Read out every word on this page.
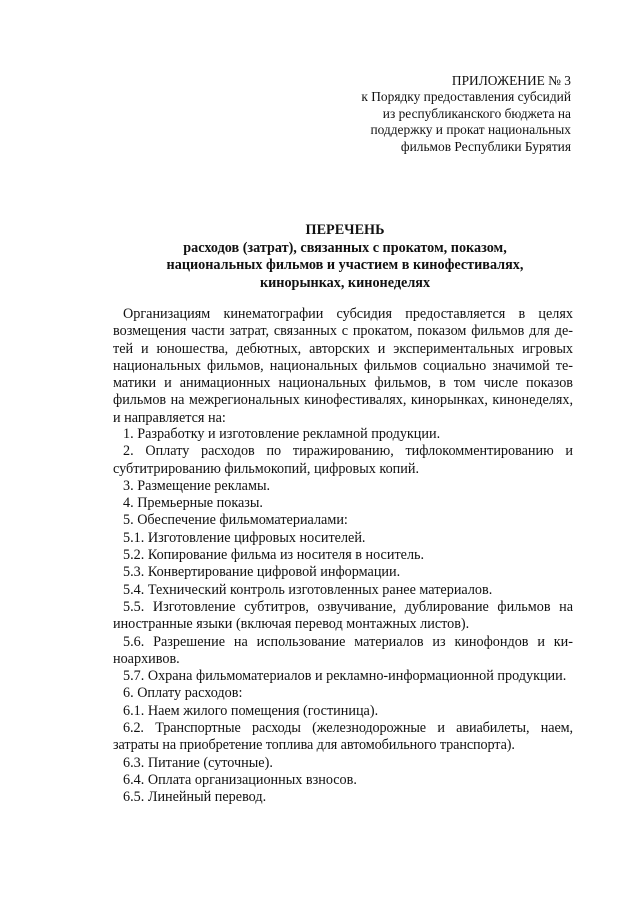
ПРИЛОЖЕНИЕ № 3
к Порядку предоставления субсидий
из республиканского бюджета на
поддержку и прокат национальных
фильмов Республики Бурятия
ПЕРЕЧЕНЬ
расходов (затрат), связанных с прокатом, показом,
национальных фильмов и участием в кинофестивалях,
кинорынках, кинонеделях
Организациям кинематографии субсидия предоставляется в целях возмещения части затрат, связанных с прокатом, показом фильмов для детей и юношества, дебютных, авторских и экспериментальных игровых национальных фильмов, национальных фильмов социально значимой тематики и анимационных национальных фильмов, в том числе показов фильмов на межрегиональных кинофестивалях, кинорынках, кинонеделях, и направляется на:
1. Разработку и изготовление рекламной продукции.
2. Оплату расходов по тиражированию, тифлокомментированию и субтитрированию фильмокопий, цифровых копий.
3. Размещение рекламы.
4. Премьерные показы.
5. Обеспечение фильмоматериалами:
5.1. Изготовление цифровых носителей.
5.2. Копирование фильма из носителя в носитель.
5.3. Конвертирование цифровой информации.
5.4. Технический контроль изготовленных ранее материалов.
5.5. Изготовление субтитров, озвучивание, дублирование фильмов на иностранные языки (включая перевод монтажных листов).
5.6. Разрешение на использование материалов из кинофондов и киноархивов.
5.7. Охрана фильмоматериалов и рекламно-информационной продукции.
6. Оплату расходов:
6.1. Наем жилого помещения (гостиница).
6.2. Транспортные расходы (железнодорожные и авиабилеты, наем, затраты на приобретение топлива для автомобильного транспорта).
6.3. Питание (суточные).
6.4. Оплата организационных взносов.
6.5. Линейный перевод.
